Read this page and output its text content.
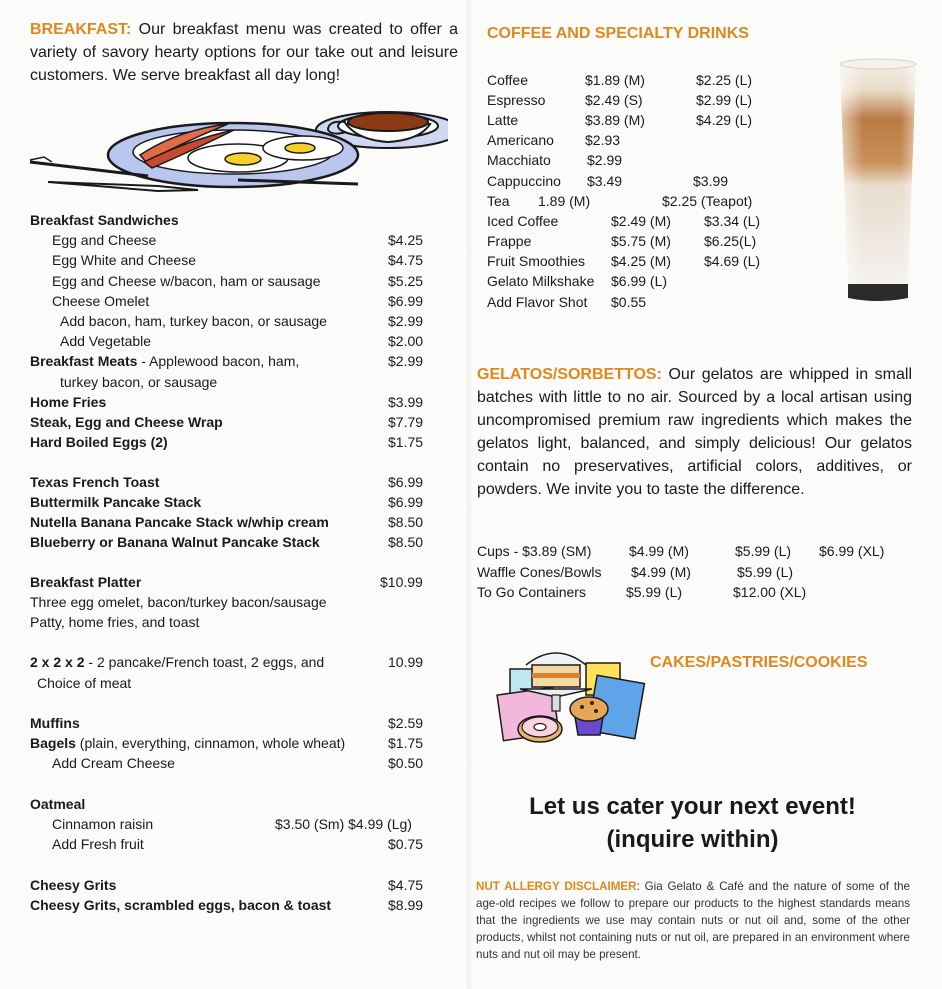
BREAKFAST: Our breakfast menu was created to offer a variety of savory hearty options for our take out and leisure customers. We serve breakfast all day long!
Breakfast Sandwiches
Egg and Cheese	$4.25
Egg White and Cheese	$4.75
Egg and Cheese w/bacon, ham or sausage	$5.25
Cheese Omelet	$6.99
Add bacon, ham, turkey bacon, or sausage	$2.99
Add Vegetable	$2.00
Breakfast Meats - Applewood bacon, ham,	$2.99
turkey bacon, or sausage
Home Fries	$3.99
Steak, Egg and Cheese Wrap	$7.79
Hard Boiled Eggs (2)	$1.75
Texas French Toast	$6.99
Buttermilk Pancake Stack	$6.99
Nutella Banana Pancake Stack w/whip cream	$8.50
Blueberry or Banana Walnut Pancake Stack	$8.50
Breakfast Platter	$10.99
Three egg omelet, bacon/turkey bacon/sausage
Patty, home fries, and toast
2 x 2 x 2 - 2 pancake/French toast, 2 eggs, and	10.99
Choice of meat
Muffins	$2.59
Bagels (plain, everything, cinnamon, whole wheat)	$1.75
Add Cream Cheese	$0.50
Oatmeal
Cinnamon raisin	$3.50 (Sm) $4.99 (Lg)
Add Fresh fruit	$0.75
Cheesy Grits	$4.75
Cheesy Grits, scrambled eggs, bacon & toast	$8.99
COFFEE AND SPECIALTY DRINKS
Coffee	$1.89 (M)	$2.25 (L)
Espresso	$2.49 (S)	$2.99 (L)
Latte	$3.89 (M)	$4.29 (L)
Americano $2.93
Macchiato	$2.99
Cappuccino $3.49	$3.99
Tea 1.89 (M)	$2.25 (Teapot)
Iced Coffee	$2.49 (M) $3.34 (L)
Frappe	$5.75 (M) $6.25(L)
Fruit Smoothies $4.25 (M) $4.69 (L)
Gelato Milkshake $6.99 (L)
Add Flavor Shot $0.55
GELATOS/SORBETTOS: Our gelatos are whipped in small batches with little to no air. Sourced by a local artisan using uncompromised premium raw ingredients which makes the gelatos light, balanced, and simply delicious! Our gelatos contain no preservatives, artificial colors, additives, or powders. We invite you to taste the difference.
Cups - $3.89 (SM)	$4.99 (M)	$5.99 (L) $6.99 (XL)
Waffle Cones/Bowls $4.99 (M)	$5.99 (L)
To Go Containers	$5.99 (L)	$12.00 (XL)
CAKES/PASTRIES/COOKIES
Let us cater your next event!
(inquire within)
NUT ALLERGY DISCLAIMER: Gia Gelato & Café and the nature of some of the age-old recipes we follow to prepare our products to the highest standards means that the ingredients we use may contain nuts or nut oil and, some of the other products, whilst not containing nuts or nut oil, are prepared in an environment where nuts and nut oil may be present.
